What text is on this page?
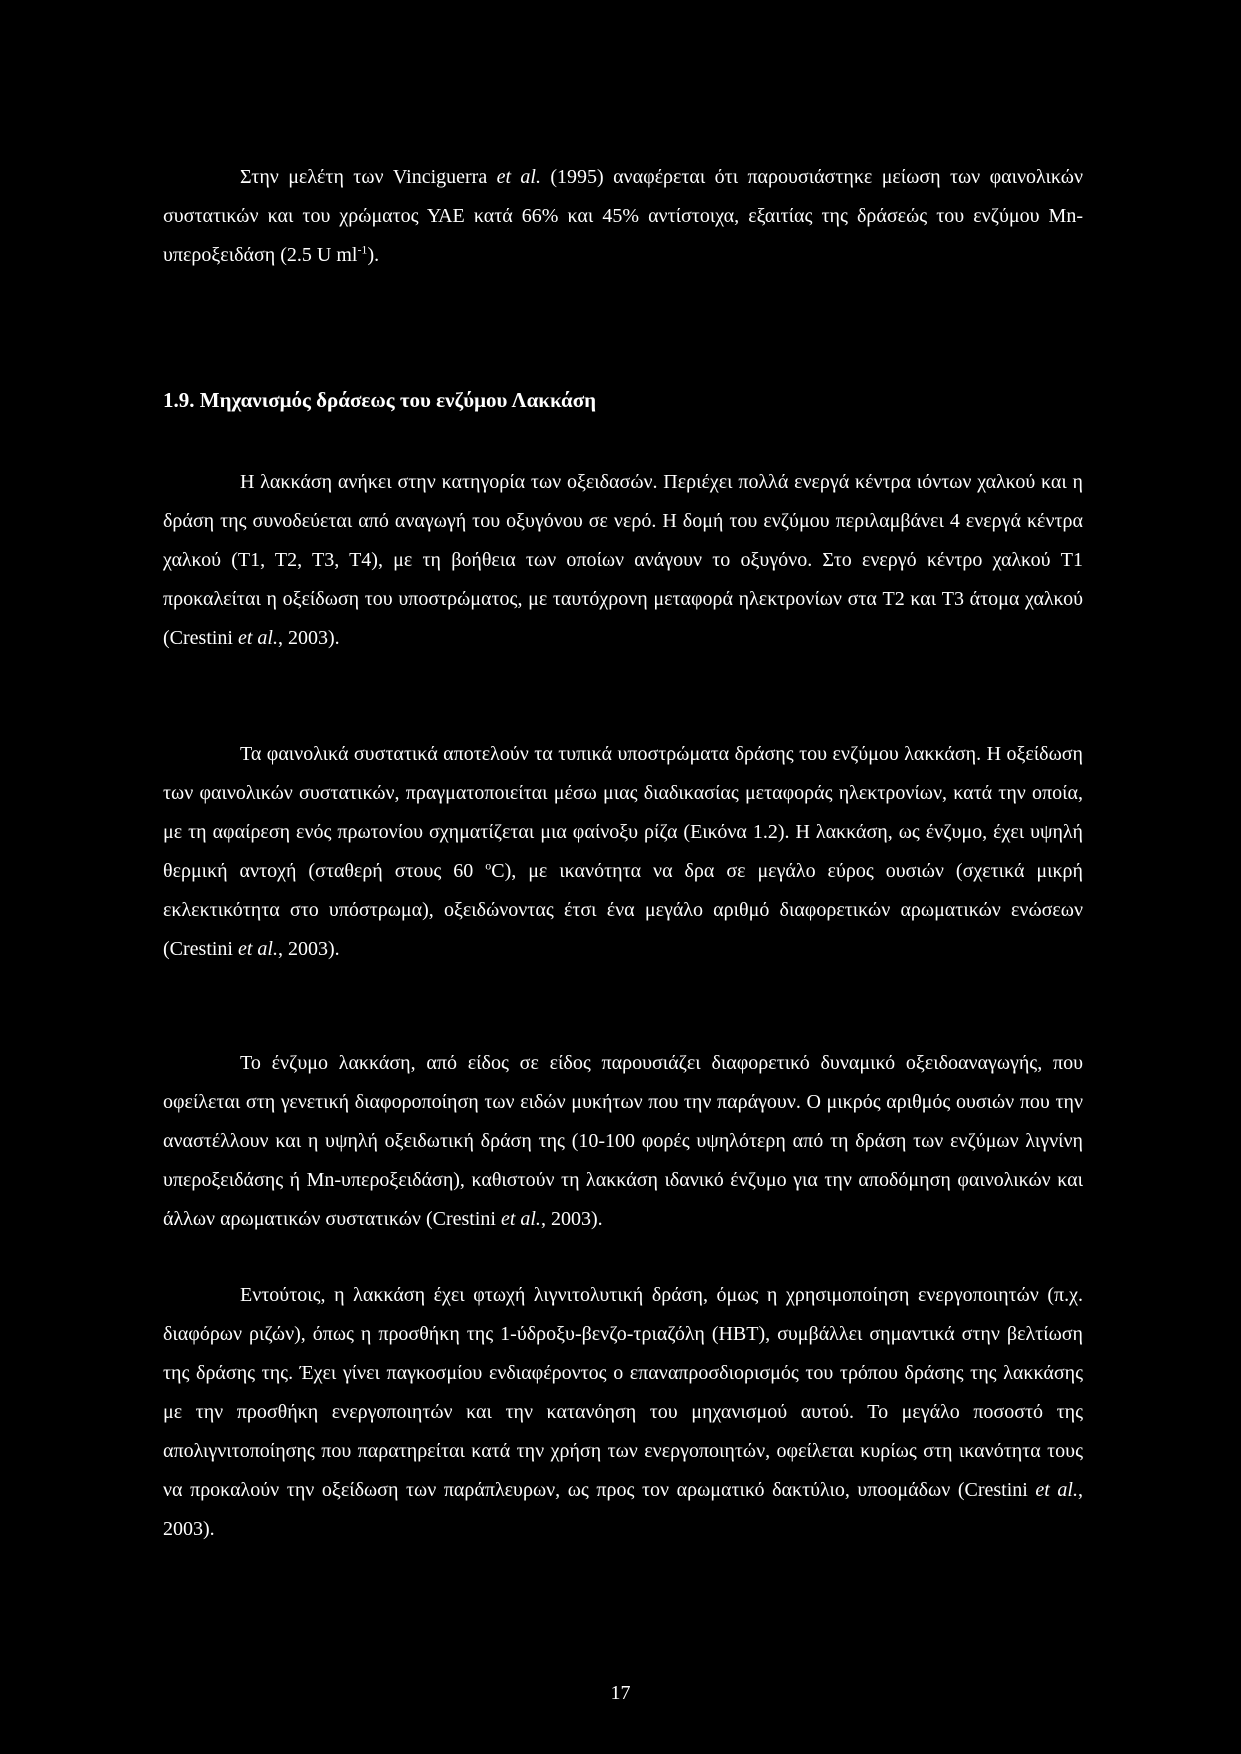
Στην μελέτη των Vinciguerra et al. (1995) αναφέρεται ότι παρουσιάστηκε μείωση των φαινολικών συστατικών και του χρώματος ΥΑΕ κατά 66% και 45% αντίστοιχα, εξαιτίας της δράσεώς του ενζύμου Mn-υπεροξειδάση (2.5 U $ml^{-1}$).

1.9. Μηχανισμός δράσεως του ενζύμου Λακκάση

Η λακκάση ανήκει στην κατηγορία των οξειδασών. Περιέχει πολλά ενεργά κέντρα ιόντων χαλκού και η δράση της συνοδεύεται από αναγωγή του οξυγόνου σε νερό. Η δομή του ενζύμου περιλαμβάνει 4 ενεργά κέντρα χαλκού (T1, T2, T3, T4), με τη βοήθεια των οποίων ανάγουν το οξυγόνο. Στο ενεργό κέντρο χαλκού T1 προκαλείται η οξείδωση του υποστρώματος, με ταυτόχρονη μεταφορά ηλεκτρονίων στα T2 και T3 άτομα χαλκού (Crestini et al., 2003).

Τα φαινολικά συστατικά αποτελούν τα τυπικά υποστρώματα δράσης του ενζύμου λακκάση. Η οξείδωση των φαινολικών συστατικών, πραγματοποιείται μέσω μιας διαδικασίας μεταφοράς ηλεκτρονίων, κατά την οποία, με τη αφαίρεση ενός πρωτονίου σχηματίζεται μια φαίνοξυ ρίζα (Εικόνα 1.2). Η λακκάση, ως ένζυμο, έχει υψηλή θερμική αντοχή (σταθερή στους 60 $^o$C), με ικανότητα να δρα σε μεγάλο εύρος ουσιών (σχετικά μικρή εκλεκτικότητα στο υπόστρωμα), οξειδώνοντας έτσι ένα μεγάλο αριθμό διαφορετικών αρωματικών ενώσεων (Crestini et al., 2003).

Το ένζυμο λακκάση, από είδος σε είδος παρουσιάζει διαφορετικό δυναμικό οξειδοαναγωγής, που οφείλεται στη γενετική διαφοροποίηση των ειδών μυκήτων που την παράγουν. Ο μικρός αριθμός ουσιών που την αναστέλλουν και η υψηλή οξειδωτική δράση της (10-100 φορές υψηλότερη από τη δράση των ενζύμων λιγνίνη υπεροξειδάσης ή Mn-υπεροξειδάση), καθιστούν τη λακκάση ιδανικό ένζυμο για την αποδόμηση φαινολικών και άλλων αρωματικών συστατικών (Crestini et al., 2003).

Εντούτοις, η λακκάση έχει φτωχή λιγνιτολυτική δράση, όμως η χρησιμοποίηση ενεργοποιητών (π.χ. διαφόρων ριζών), όπως η προσθήκη της 1-ύδροξυ-βενζο-τριαζόλη (HBT), συμβάλλει σημαντικά στην βελτίωση της δράσης της. Έχει γίνει παγκοσμίου ενδιαφέροντος ο επαναπροσδιορισμός του τρόπου δράσης της λακκάσης με την προσθήκη ενεργοποιητών και την κατανόηση του μηχανισμού αυτού. Το μεγάλο ποσοστό της απολιγνιτοποίησης που παρατηρείται κατά την χρήση των ενεργοποιητών, οφείλεται κυρίως στη ικανότητα τους να προκαλούν την οξείδωση των παράπλευρων, ως προς τον αρωματικό δακτύλιο, υποομάδων (Crestini et al., 2003).

17
